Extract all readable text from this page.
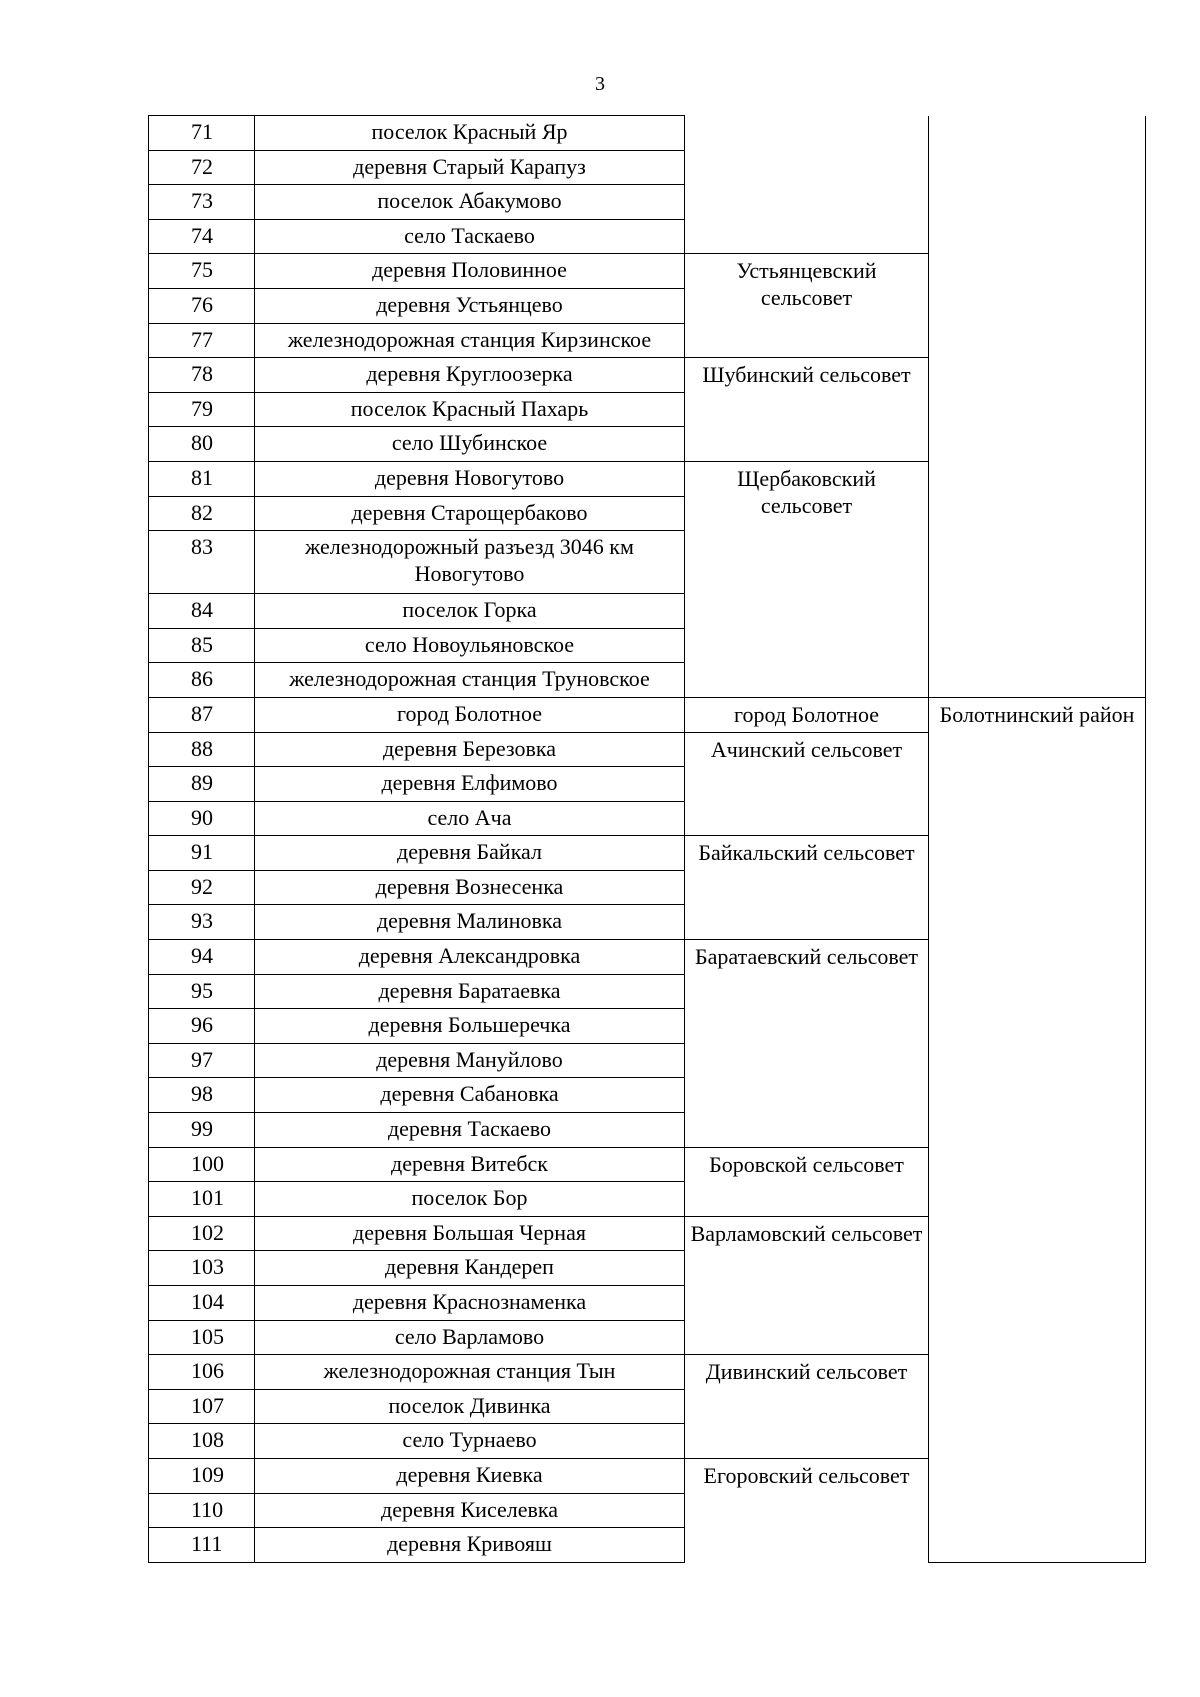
3
71	поселок Красный Яр		
72	деревня Старый Карапуз		
73	поселок Абакумово		
74	село Таскаево		
75	деревня Половинное	Устьянцевский сельсовет	
76	деревня Устьянцево		
77	железнодорожная станция Кирзинское		
78	деревня Круглоозерка	Шубинский сельсовет	
79	поселок Красный Пахарь		
80	село Шубинское		
81	деревня Новогутово	Щербаковский сельсовет	
82	деревня Старощербаково		
83	железнодорожный разъезд 3046 км Новогутово		
84	поселок Горка		
85	село Новоульяновское		
86	железнодорожная станция Труновское		
87	город Болотное	город Болотное	Болотнинский район
88	деревня Березовка	Ачинский сельсовет	
89	деревня Елфимово		
90	село Ача		
91	деревня Байкал	Байкальский сельсовет	
92	деревня Вознесенка		
93	деревня Малиновка		
94	деревня Александровка	Баратаевский сельсовет	
95	деревня Баратаевка		
96	деревня Большеречка		
97	деревня Мануйлово		
98	деревня Сабановка		
99	деревня Таскаево		
100	деревня Витебск	Боровской сельсовет	
101	поселок Бор		
102	деревня Большая Черная	Варламовский сельсовет	
103	деревня Кандереп		
104	деревня Краснознаменка		
105	село Варламово		
106	железнодорожная станция Тын	Дивинский сельсовет	
107	поселок Дивинка		
108	село Турнаево		
109	деревня Киевка	Егоровский сельсовет	
110	деревня Киселевка		
111	деревня Кривояш		
